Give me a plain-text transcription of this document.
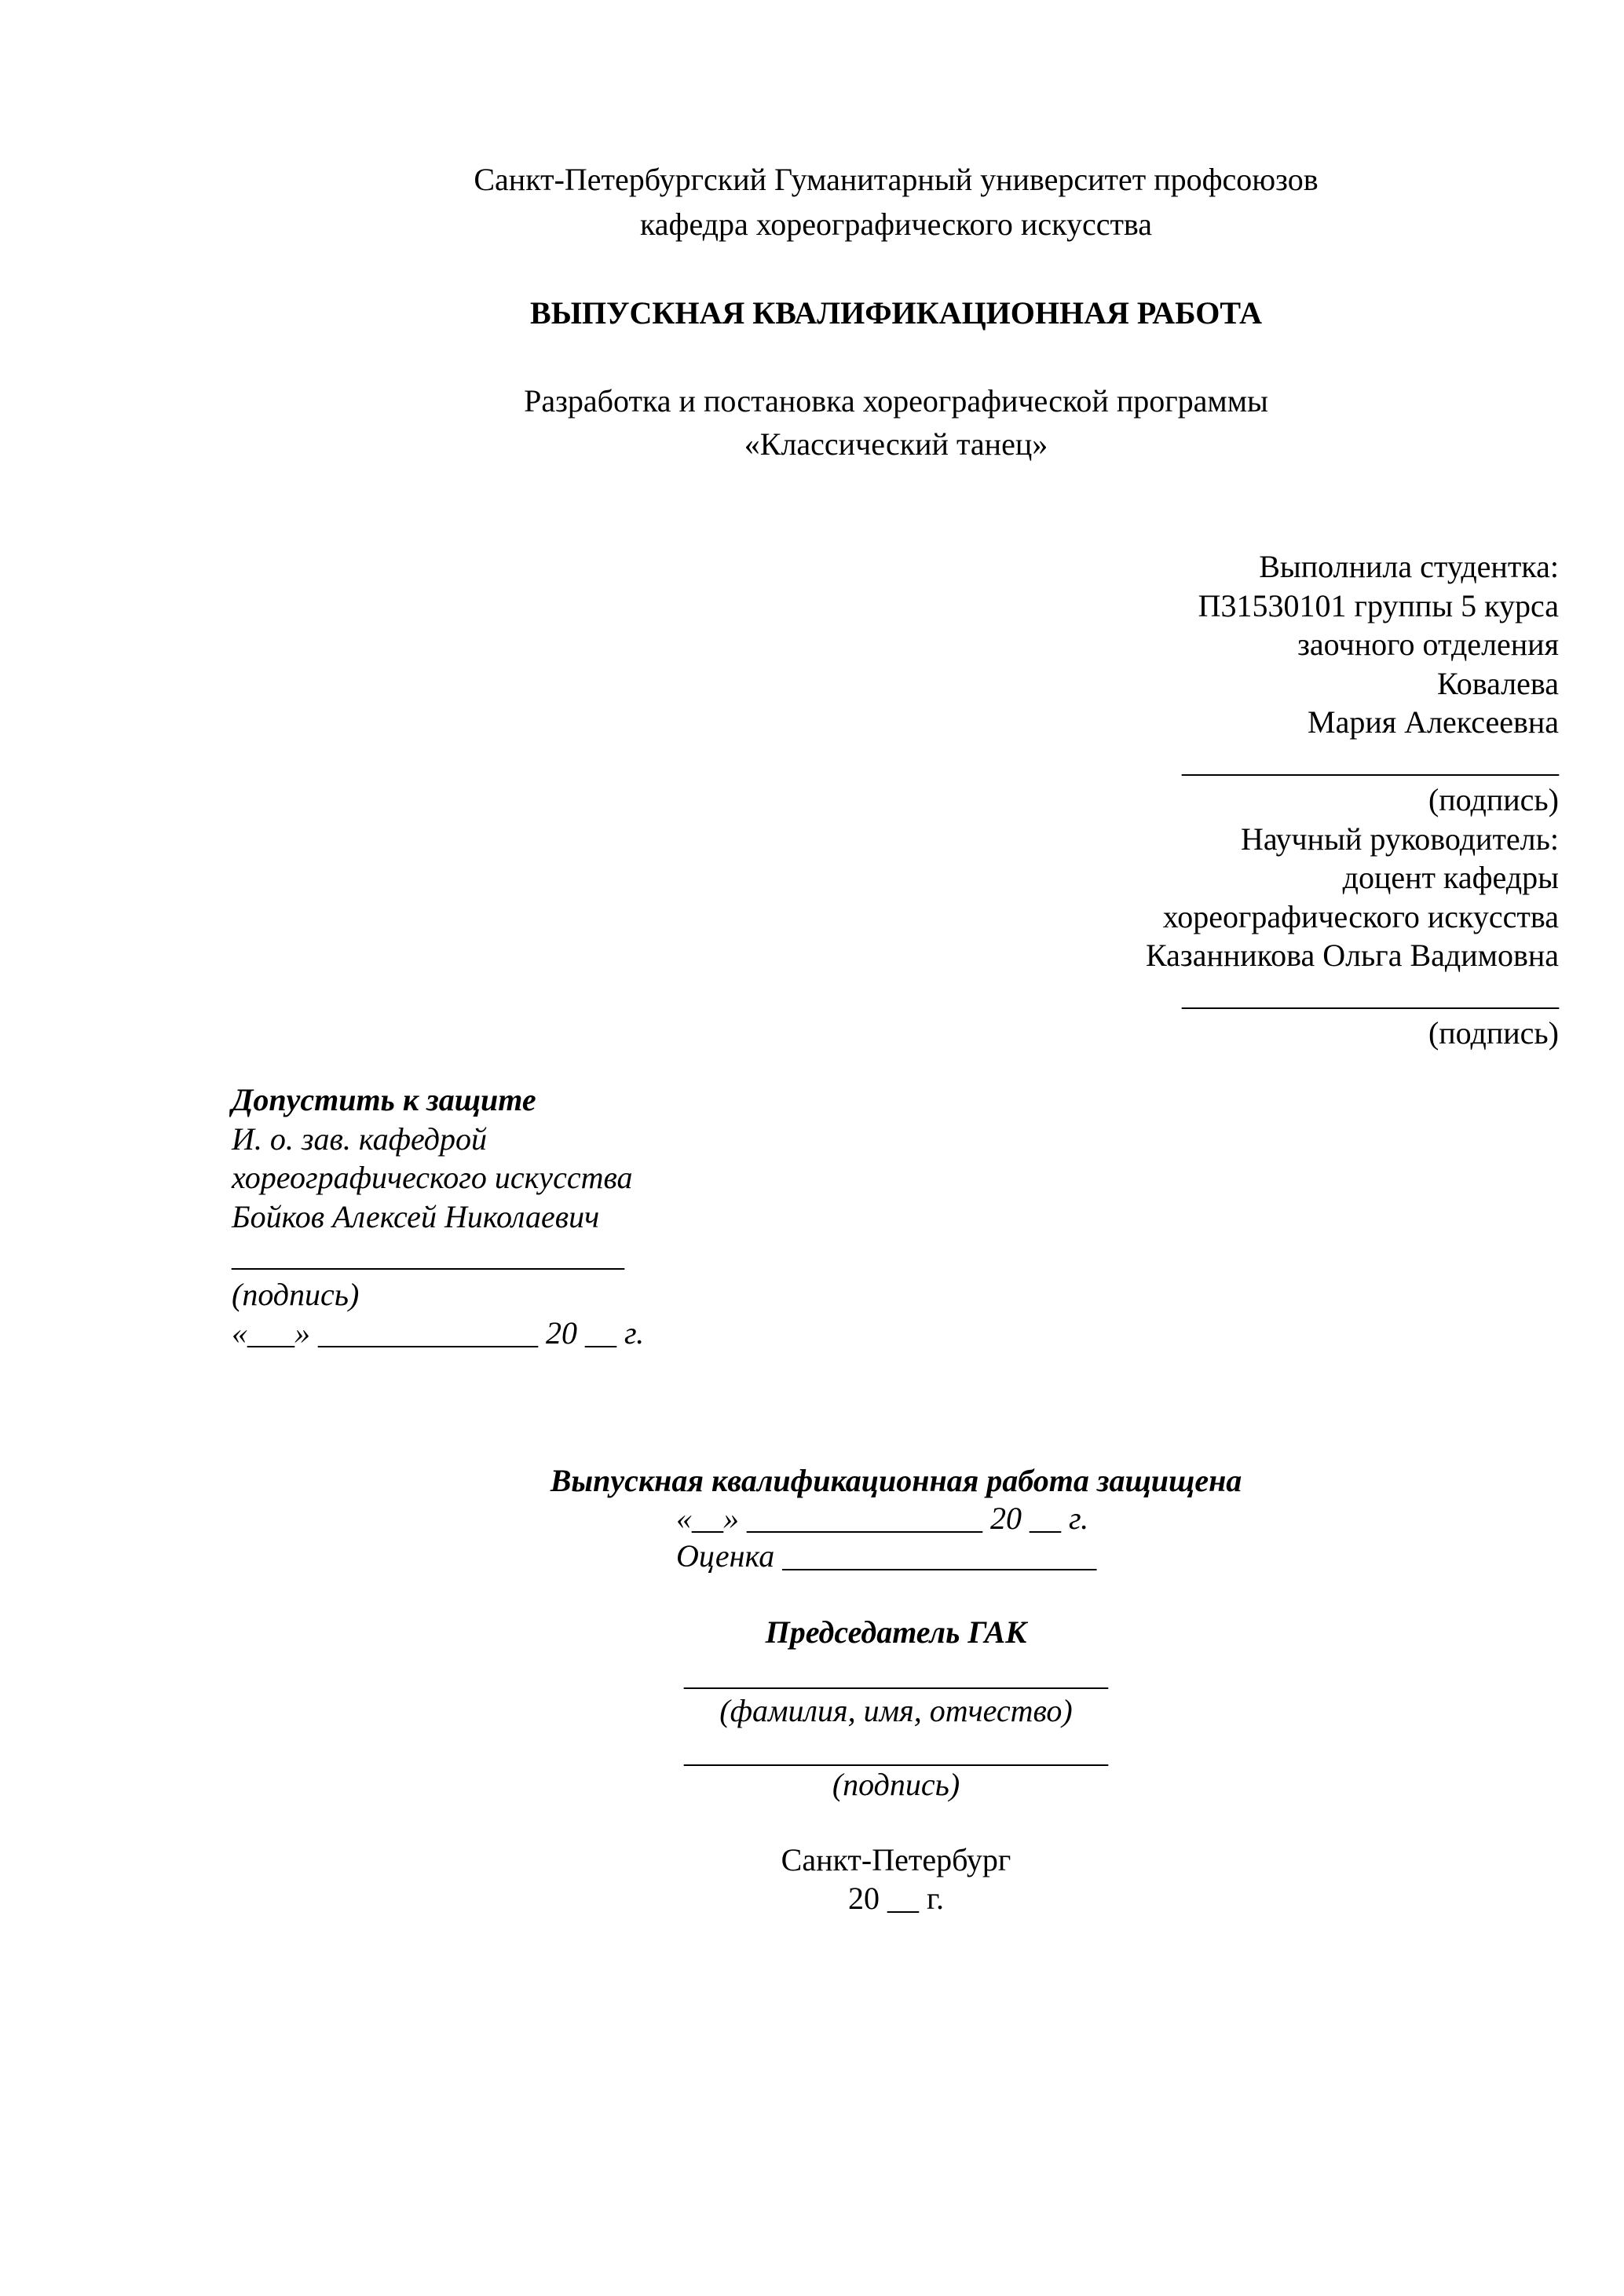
Санкт-Петербургский Гуманитарный университет профсоюзов
кафедра хореографического искусства
ВЫПУСКНАЯ КВАЛИФИКАЦИОННАЯ РАБОТА
Разработка и постановка хореографической программы
«Классический танец»
Выполнила студентка:
П31530101 группы 5 курса
заочного отделения
Ковалева
Мария Алексеевна
________________________
(подпись)
Научный руководитель:
доцент кафедры
хореографического искусства
Казанникова Ольга Вадимовна
________________________
(подпись)
Допустить к защите
И. о. зав. кафедрой
хореографического искусства
Бойков Алексей Николаевич
_________________________
(подпись)
«___» ______________ 20 __ г.
Выпускная квалификационная работа защищена
«__» _______________ 20 __ г.
Оценка ____________________
Председатель ГАК
___________________________
(фамилия, имя, отчество)
___________________________
(подпись)
Санкт-Петербург
20 __ г.
